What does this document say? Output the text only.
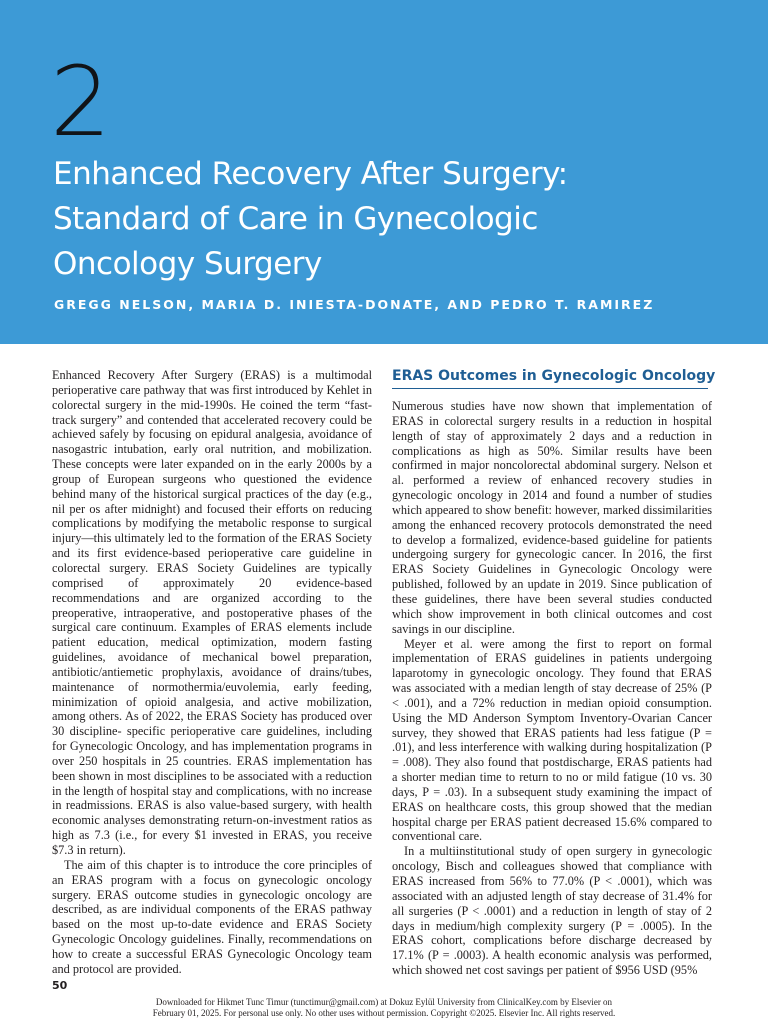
2
Enhanced Recovery After Surgery:
Standard of Care in Gynecologic
Oncology Surgery
GREGG NELSON, MARIA D. INIESTA-DONATE, AND PEDRO T. RAMIREZ

Enhanced Recovery After Surgery (ERAS) is a multimodal perioperative care pathway that was first introduced by Kehlet in colorectal surgery in the mid-1990s. He coined the term “fast-track surgery” and contended that accelerated recovery could be achieved safely by focusing on epidural analgesia, avoidance of nasogastric intubation, early oral nutrition, and mobilization. These concepts were later expanded on in the early 2000s by a group of European surgeons who questioned the evidence behind many of the historical surgical practices of the day (e.g., nil per os after midnight) and focused their efforts on reducing complications by modifying the metabolic response to surgical injury—this ultimately led to the formation of the ERAS Society and its first evidence-based perioperative care guideline in colorectal surgery. ERAS Society Guidelines are typically comprised of approximately 20 evidence-based recommendations and are organized according to the preoperative, intraoperative, and postoperative phases of the surgical care continuum. Examples of ERAS elements include patient education, medical optimization, modern fasting guidelines, avoidance of mechanical bowel preparation, antibiotic/antiemetic prophylaxis, avoidance of drains/tubes, maintenance of normothermia/euvolemia, early feeding, minimization of opioid analgesia, and active mobilization, among others. As of 2022, the ERAS Society has produced over 30 discipline- specific perioperative care guidelines, including for Gynecologic Oncology, and has implementation programs in over 250 hospitals in 25 countries. ERAS implementation has been shown in most disciplines to be associated with a reduction in the length of hospital stay and complications, with no increase in readmissions. ERAS is also value-based surgery, with health economic analyses demonstrating return-on-investment ratios as high as 7.3 (i.e., for every $1 invested in ERAS, you receive $7.3 in return).

The aim of this chapter is to introduce the core principles of an ERAS program with a focus on gynecologic oncology surgery. ERAS outcome studies in gynecologic oncology are described, as are individual components of the ERAS pathway based on the most up-to-date evidence and ERAS Society Gynecologic Oncology guidelines. Finally, recommendations on how to create a successful ERAS Gynecologic Oncology team and protocol are provided.

ERAS Outcomes in Gynecologic Oncology

Numerous studies have now shown that implementation of ERAS in colorectal surgery results in a reduction in hospital length of stay of approximately 2 days and a reduction in complications as high as 50%. Similar results have been confirmed in major noncolorectal abdominal surgery. Nelson et al. performed a review of enhanced recovery studies in gynecologic oncology in 2014 and found a number of studies which appeared to show benefit: however, marked dissimilarities among the enhanced recovery protocols demonstrated the need to develop a formalized, evidence-based guideline for patients undergoing surgery for gynecologic cancer. In 2016, the first ERAS Society Guidelines in Gynecologic Oncology were published, followed by an update in 2019. Since publication of these guidelines, there have been several studies conducted which show improvement in both clinical outcomes and cost savings in our discipline.

Meyer et al. were among the first to report on formal implementation of ERAS guidelines in patients undergoing laparotomy in gynecologic oncology. They found that ERAS was associated with a median length of stay decrease of 25% (P < .001), and a 72% reduction in median opioid consumption. Using the MD Anderson Symptom Inventory-Ovarian Cancer survey, they showed that ERAS patients had less fatigue (P = .01), and less interference with walking during hospitalization (P = .008). They also found that postdischarge, ERAS patients had a shorter median time to return to no or mild fatigue (10 vs. 30 days, P = .03). In a subsequent study examining the impact of ERAS on healthcare costs, this group showed that the median hospital charge per ERAS patient decreased 15.6% compared to conventional care.

In a multiinstitutional study of open surgery in gynecologic oncology, Bisch and colleagues showed that compliance with ERAS increased from 56% to 77.0% (P < .0001), which was associated with an adjusted length of stay decrease of 31.4% for all surgeries (P < .0001) and a reduction in length of stay of 2 days in medium/high complexity surgery (P = .0005). In the ERAS cohort, complications before discharge decreased by 17.1% (P = .0003). A health economic analysis was performed, which showed net cost savings per patient of $956 USD (95%

50
Downloaded for Hikmet Tunc Timur (tunctimur@gmail.com) at Dokuz Eylül University from ClinicalKey.com by Elsevier on
February 01, 2025. For personal use only. No other uses without permission. Copyright ©2025. Elsevier Inc. All rights reserved.
